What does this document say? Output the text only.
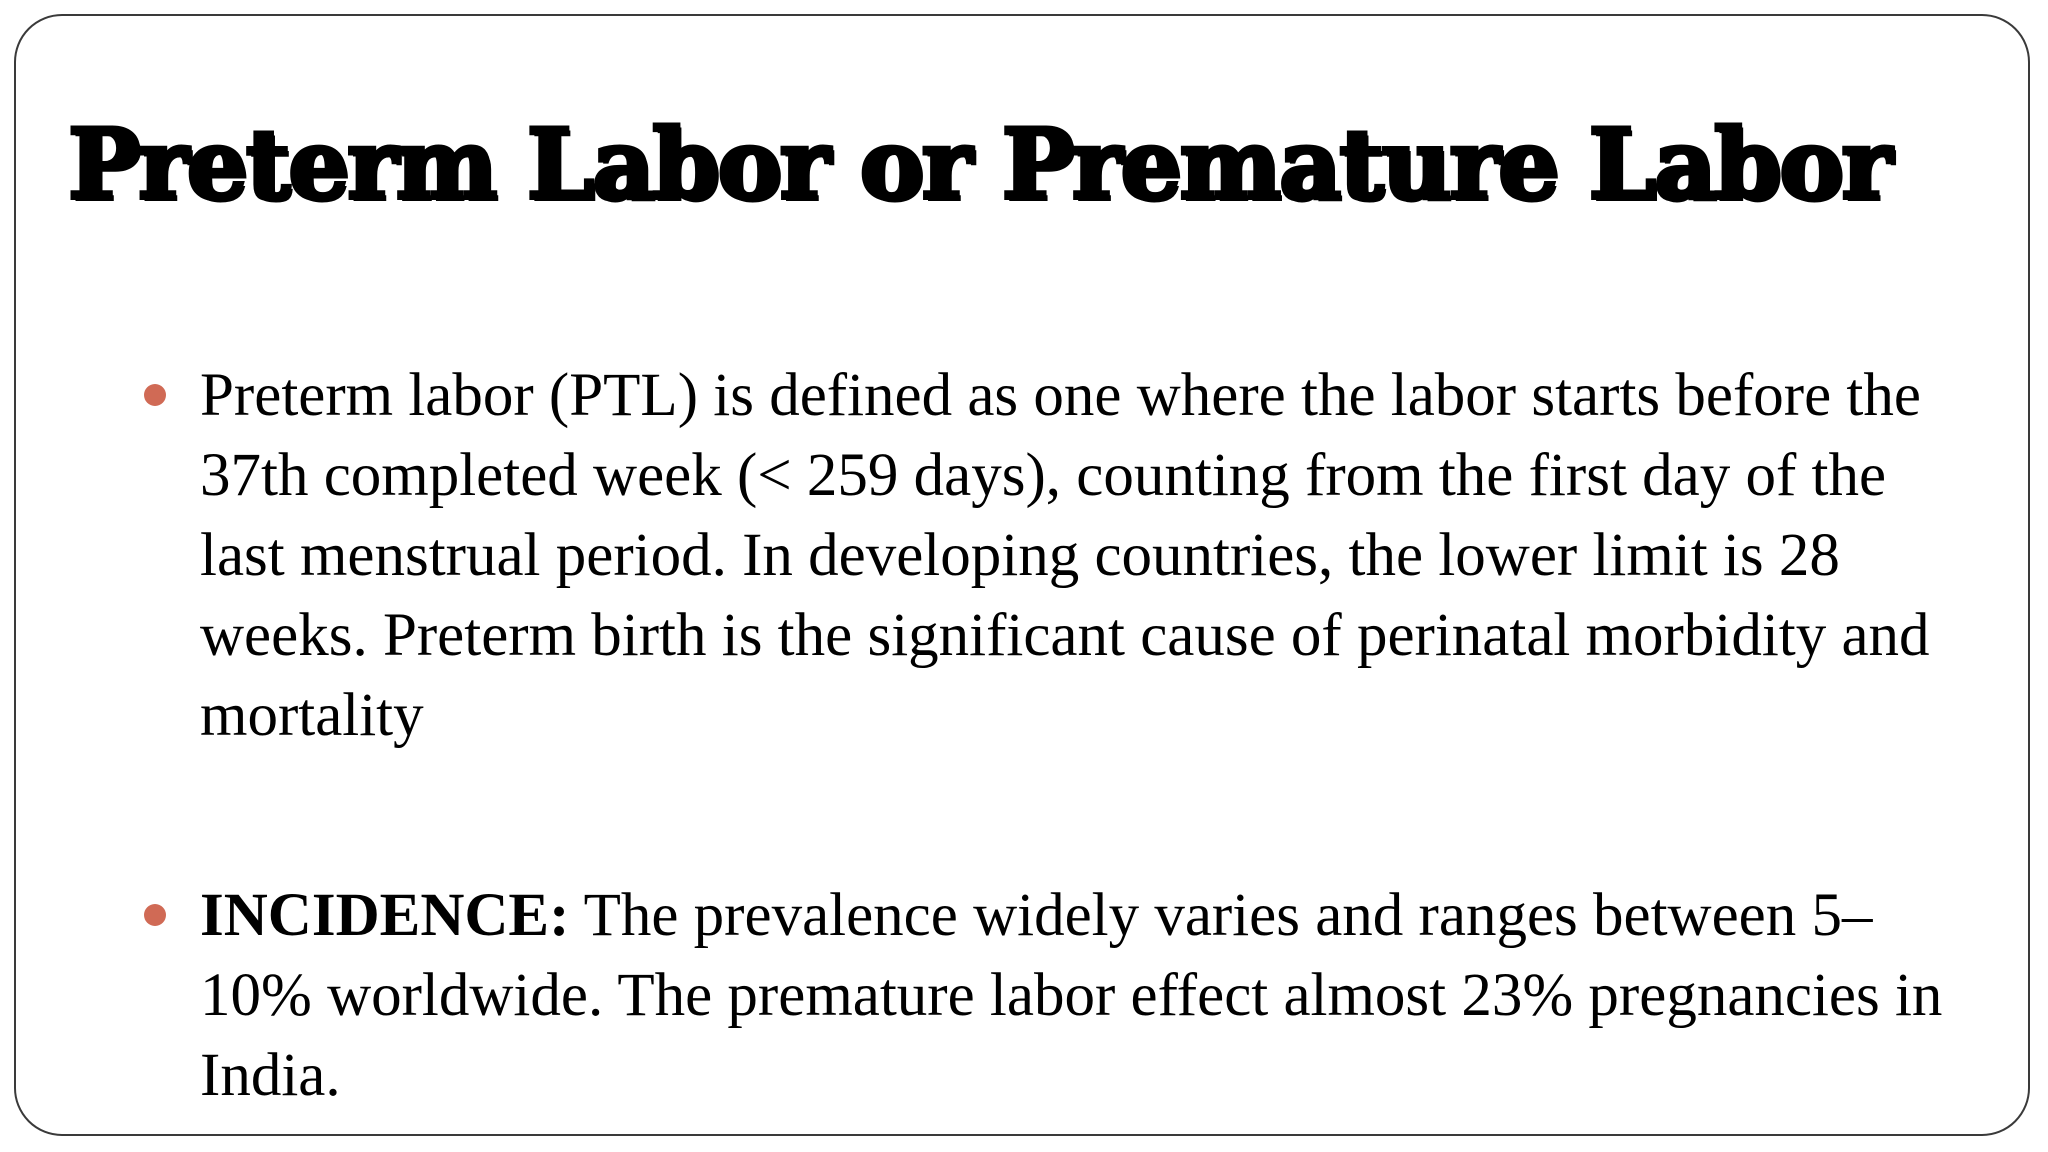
Preterm Labor or Premature Labor
Preterm labor (PTL) is defined as one where the labor starts before the 37th completed week (< 259 days), counting from the first day of the last menstrual period. In developing countries, the lower limit is 28 weeks. Preterm birth is the significant cause of perinatal morbidity and mortality
INCIDENCE: The prevalence widely varies and ranges between 5–10% worldwide. The premature labor effect almost 23% pregnancies in India.
